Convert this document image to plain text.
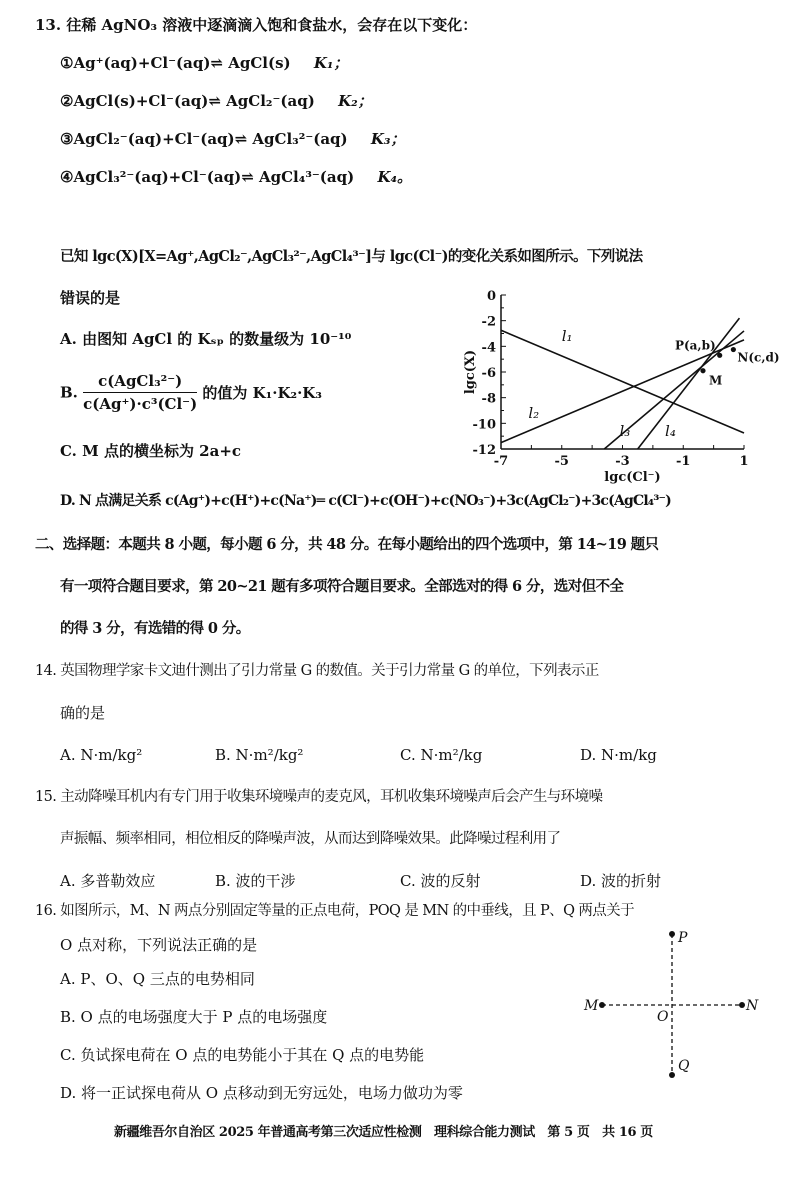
13. 往稀 AgNO₃ 溶液中逐滴滴入饱和食盐水，会存在以下变化：
①Ag⁺(aq)+Cl⁻(aq)⇌ AgCl(s) K₁；
②AgCl(s)+Cl⁻(aq)⇌ AgCl₂⁻(aq) K₂；
③AgCl₂⁻(aq)+Cl⁻(aq)⇌ AgCl₃²⁻(aq) K₃；
④AgCl₃²⁻(aq)+Cl⁻(aq)⇌ AgCl₄³⁻(aq) K₄。
已知 lgc(X)[X=Ag⁺,AgCl₂⁻,AgCl₃²⁻,AgCl₄³⁻]与 lgc(Cl⁻)的变化关系如图所示。下列说法
错误的是
A. 由图知 AgCl 的 Kₛₚ 的数量级为 10⁻¹⁰
B. $\frac{\text{c(AgCl₃²⁻)}}{\text{c(Ag⁺)·c³(Cl⁻)}}$ 的值为 K₁·K₂·K₃
C. M 点的横坐标为 2a+c
D. N 点满足关系 c(Ag⁺)+c(H⁺)+c(Na⁺)═ c(Cl⁻)+c(OH⁻)+c(NO₃⁻)+3c(AgCl₂⁻)+3c(AgCl₄³⁻)
0
-2
-4
-6
-8
-10
-12
-7	-5	-3	-1	1
l₁
l₂
l₃ l₄
P(a,b)
N(c,d)
M
lgc(Cl⁻)
lgc(X)
二、选择题：本题共 8 小题，每小题 6 分，共 48 分。在每小题给出的四个选项中，第 14~19 题只
有一项符合题目要求，第 20~21 题有多项符合题目要求。全部选对的得 6 分，选对但不全
的得 3 分，有选错的得 0 分。
14. 英国物理学家卡文迪什测出了引力常量 G 的数值。关于引力常量 G 的单位，下列表示正
确的是
A. N·m/kg²	B. N·m²/kg²	C. N·m²/kg	D. N·m/kg
15. 主动降噪耳机内有专门用于收集环境噪声的麦克风，耳机收集环境噪声后会产生与环境噪
声振幅、频率相同，相位相反的降噪声波，从而达到降噪效果。此降噪过程利用了
A. 多普勒效应	B. 波的干涉	C. 波的反射	D. 波的折射
16. 如图所示，M、N 两点分别固定等量的正点电荷，POQ 是 MN 的中垂线，且 P、Q 两点关于
O 点对称，下列说法正确的是
A. P、O、Q 三点的电势相同
B. O 点的电场强度大于 P 点的电场强度
C. 负试探电荷在 O 点的电势能小于其在 Q 点的电势能
D. 将一正试探电荷从 O 点移动到无穷远处，电场力做功为零
P
Q
M	N
O
新疆维吾尔自治区 2025 年普通高考第三次适应性检测　理科综合能力测试　第 5 页　共 16 页
